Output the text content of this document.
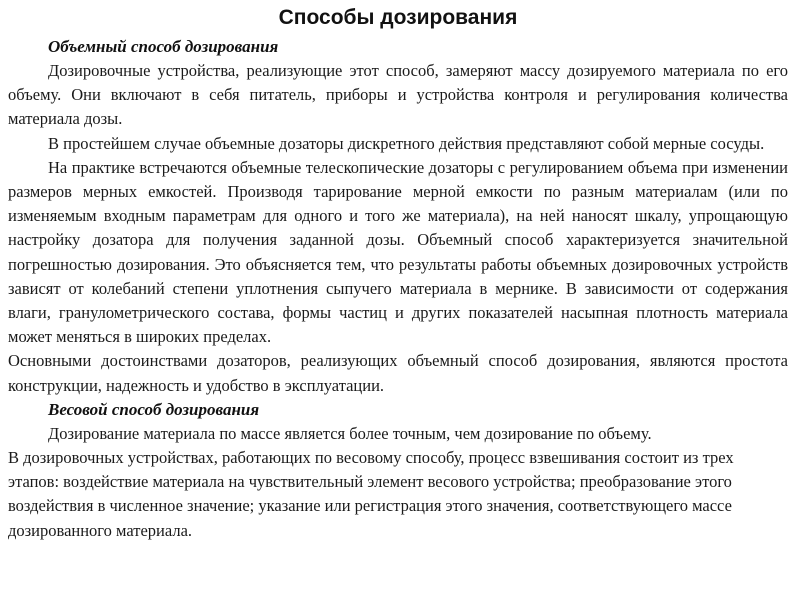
Способы дозирования
Объемный способ дозирования

Дозировочные устройства, реализующие этот способ, замеряют массу дозируемого материала по его объему. Они включают в себя питатель, приборы и устройства контроля и регулирования количества материала дозы.

В простейшем случае объемные дозаторы дискретного действия представляют собой мерные сосуды.

На практике встречаются объемные телескопические дозаторы с регулированием объема при изменении размеров мерных емкостей. Производя тарирование мерной емкости по разным материалам (или по изменяемым входным параметрам для одного и того же материала), на ней наносят шкалу, упрощающую настройку дозатора для получения заданной дозы. Объемный способ характеризуется значительной погрешностью дозирования. Это объясняется тем, что результаты работы объемных дозировочных устройств зависят от колебаний степени уплотнения сыпучего материала в мернике. В зависимости от содержания влаги, гранулометрического состава, формы частиц и других показателей насыпная плотность материала может меняться в широких пределах.

Основными достоинствами дозаторов, реализующих объемный способ дозирования, являются простота конструкции, надежность и удобство в эксплуатации.

Весовой способ дозирования

Дозирование материала по массе является более точным, чем дозирование по объему.

В дозировочных устройствах, работающих по весовому способу, процесс взвешивания состоит из трех этапов: воздействие материала на чувствительный элемент весового устройства; преобразование этого воздействия в численное значение; указание или регистрация этого значения, соответствующего массе дозированного материала.
